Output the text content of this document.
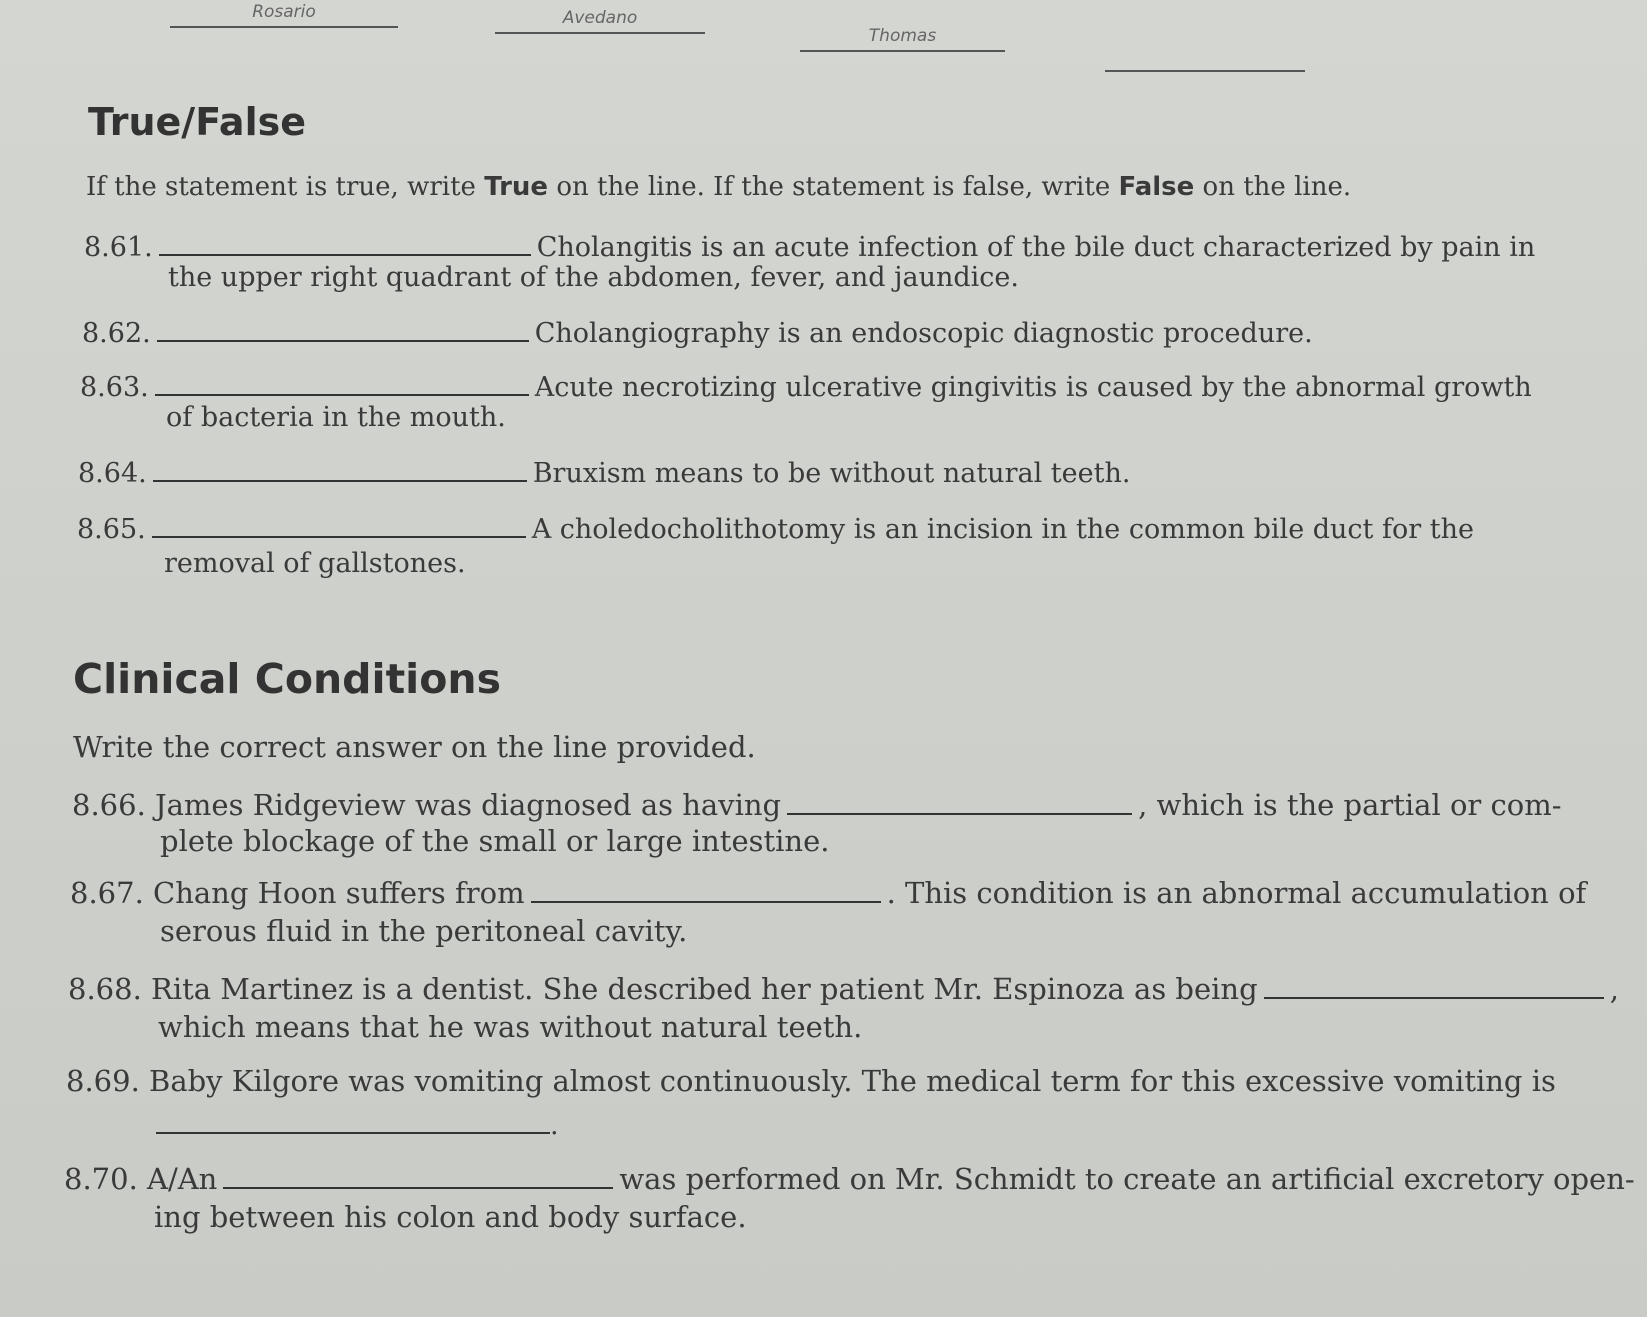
Rosario	Avedano
Thomas
True/False
If the statement is true, write True on the line. If the statement is false, write False on the line.
8.61.	Cholangitis is an acute infection of the bile duct characterized by pain in
the upper right quadrant of the abdomen, fever, and jaundice.
8.62.	Cholangiography is an endoscopic diagnostic procedure.
8.63.	Acute necrotizing ulcerative gingivitis is caused by the abnormal growth
of bacteria in the mouth.
8.64.	Bruxism means to be without natural teeth.
8.65.	A choledocholithotomy is an incision in the common bile duct for the
removal of gallstones.
Clinical Conditions
Write the correct answer on the line provided.
8.66. James Ridgeview was diagnosed as having	, which is the partial or com-
plete blockage of the small or large intestine.
8.67. Chang Hoon suffers from	. This condition is an abnormal accumulation of
serous fluid in the peritoneal cavity.
8.68. Rita Martinez is a dentist. She described her patient Mr. Espinoza as being	,
which means that he was without natural teeth.
8.69. Baby Kilgore was vomiting almost continuously. The medical term for this excessive vomiting is
.
8.70. A/An	was performed on Mr. Schmidt to create an artificial excretory open-
ing between his colon and body surface.
